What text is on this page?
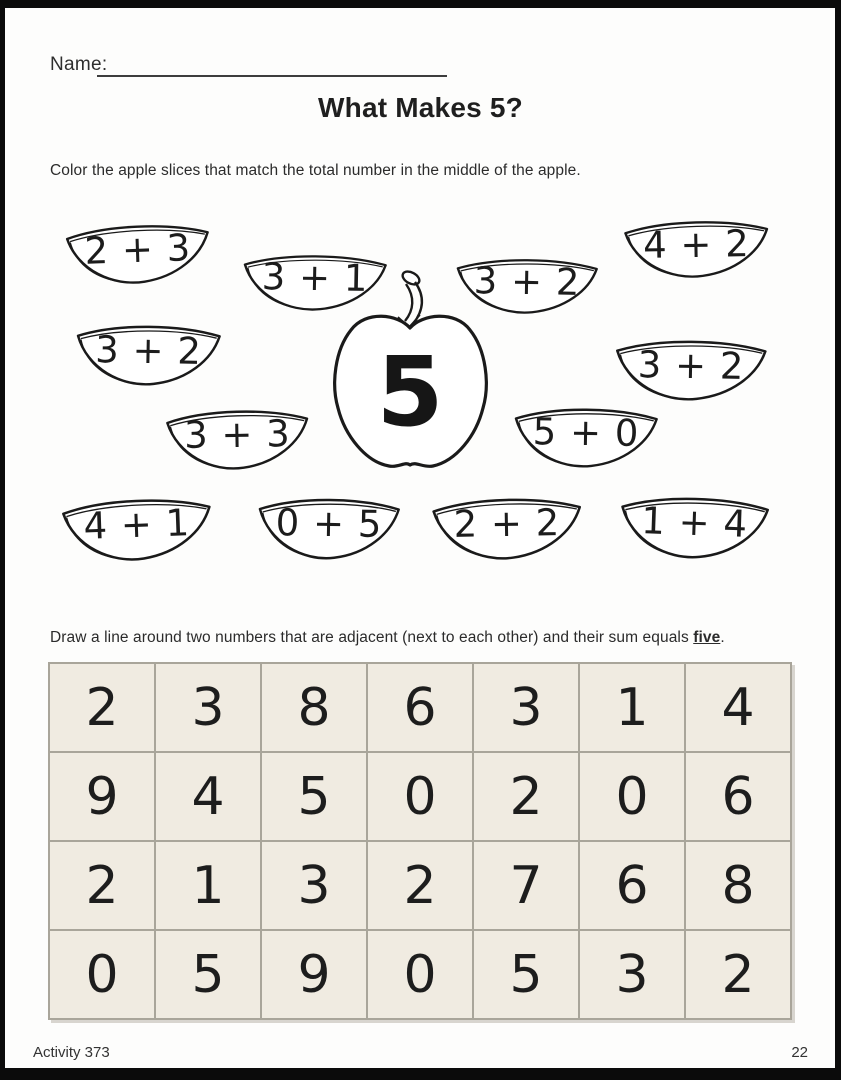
Name:
What Makes 5?
Color the apple slices that match the total number in the middle of the apple.
2 + 3
3 + 1	3 + 2
4 + 2
3 + 2	3 + 2
3 + 3	5 + 0
4 + 1	0 + 5	2 + 2	1 + 4
5
Draw a line around two numbers that are adjacent (next to each other) and their sum equals five.
2	3	8	6	3	1	4
9	4	5	0	2	0	6
2	1	3	2	7	6	8
0	5	9	0	5	3	2
Activity 373	22
